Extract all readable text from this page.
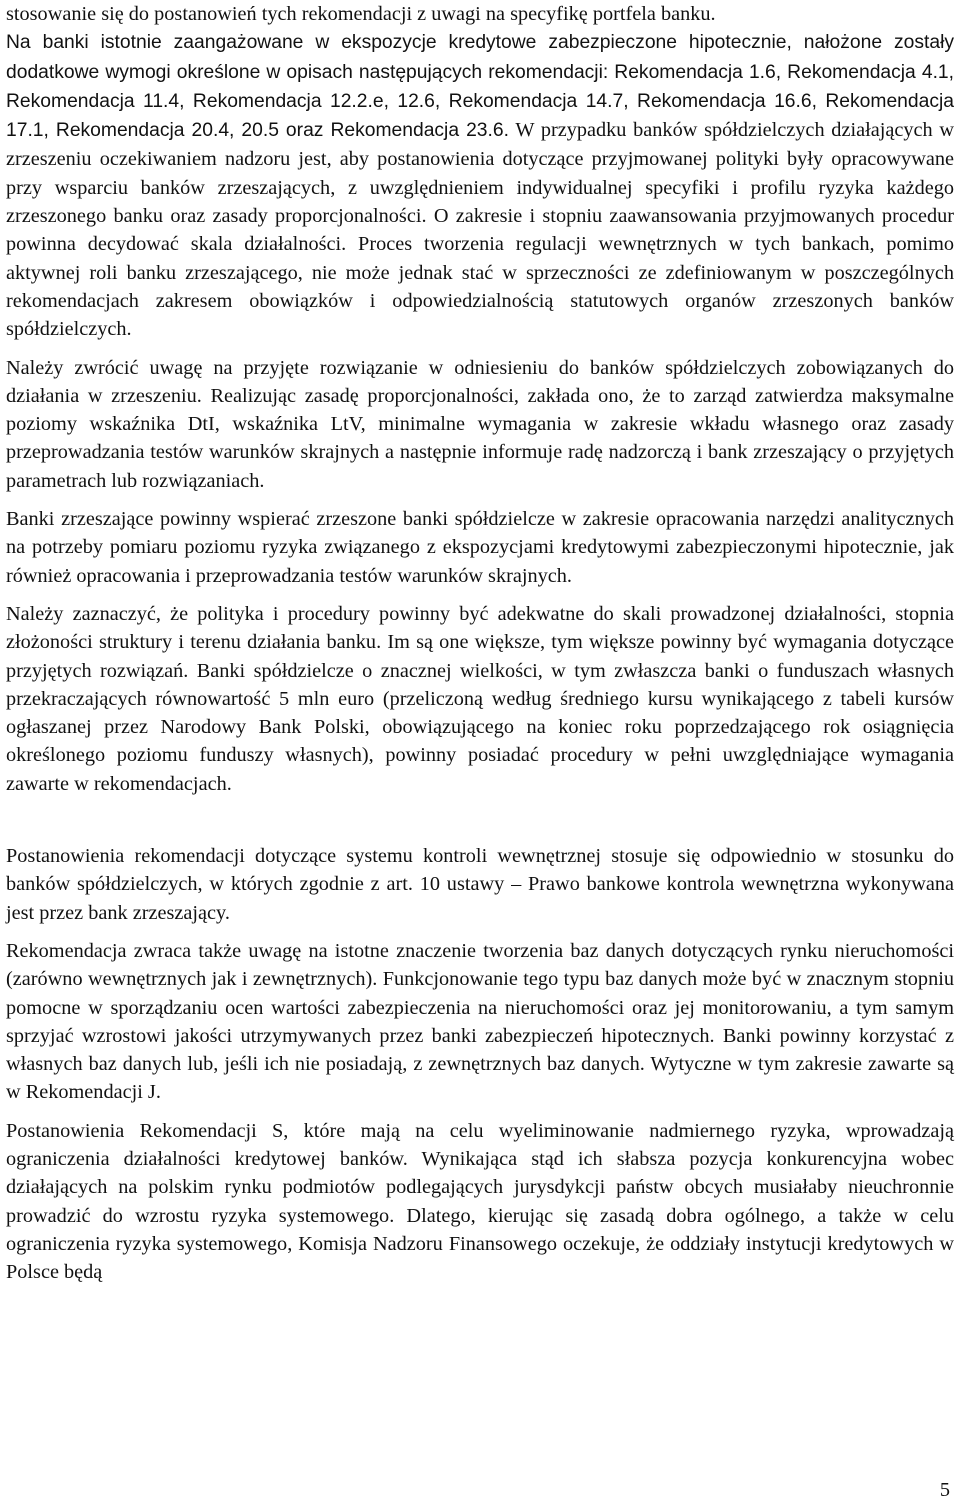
stosowanie się do postanowień tych rekomendacji z uwagi na specyfikę portfela banku.

Na banki istotnie zaangażowane w ekspozycje kredytowe zabezpieczone hipotecznie, nałożone zostały dodatkowe wymogi określone w opisach następujących rekomendacji: Rekomendacja 1.6, Rekomendacja 4.1, Rekomendacja 11.4, Rekomendacja 12.2.e, 12.6, Rekomendacja 14.7, Rekomendacja 16.6, Rekomendacja 17.1, Rekomendacja 20.4, 20.5 oraz Rekomendacja 23.6. W przypadku banków spółdzielczych działających w zrzeszeniu oczekiwaniem nadzoru jest, aby postanowienia dotyczące przyjmowanej polityki były opracowywane przy wsparciu banków zrzeszających, z uwzględnieniem indywidualnej specyfiki i profilu ryzyka każdego zrzeszonego banku oraz zasady proporcjonalności. O zakresie i stopniu zaawansowania przyjmowanych procedur powinna decydować skala działalności. Proces tworzenia regulacji wewnętrznych w tych bankach, pomimo aktywnej roli banku zrzeszającego, nie może jednak stać w sprzeczności ze zdefiniowanym w poszczególnych rekomendacjach zakresem obowiązków i odpowiedzialnością statutowych organów zrzeszonych banków spółdzielczych.

Należy zwrócić uwagę na przyjęte rozwiązanie w odniesieniu do banków spółdzielczych zobowiązanych do działania w zrzeszeniu. Realizując zasadę proporcjonalności, zakłada ono, że to zarząd zatwierdza maksymalne poziomy wskaźnika DtI, wskaźnika LtV, minimalne wymagania w zakresie wkładu własnego oraz zasady przeprowadzania testów warunków skrajnych a następnie informuje radę nadzorczą i bank zrzeszający o przyjętych parametrach lub rozwiązaniach.

Banki zrzeszające powinny wspierać zrzeszone banki spółdzielcze w zakresie opracowania narzędzi analitycznych na potrzeby pomiaru poziomu ryzyka związanego z ekspozycjami kredytowymi zabezpieczonymi hipotecznie, jak również opracowania i przeprowadzania testów warunków skrajnych.

Należy zaznaczyć, że polityka i procedury powinny być adekwatne do skali prowadzonej działalności, stopnia złożoności struktury i terenu działania banku. Im są one większe, tym większe powinny być wymagania dotyczące przyjętych rozwiązań. Banki spółdzielcze o znacznej wielkości, w tym zwłaszcza banki o funduszach własnych przekraczających równowartość 5 mln euro (przeliczoną według średniego kursu wynikającego z tabeli kursów ogłaszanej przez Narodowy Bank Polski, obowiązującego na koniec roku poprzedzającego rok osiągnięcia określonego poziomu funduszy własnych), powinny posiadać procedury w pełni uwzględniające wymagania zawarte w rekomendacjach.

Postanowienia rekomendacji dotyczące systemu kontroli wewnętrznej stosuje się odpowiednio w stosunku do banków spółdzielczych, w których zgodnie z art. 10 ustawy – Prawo bankowe kontrola wewnętrzna wykonywana jest przez bank zrzeszający.

Rekomendacja zwraca także uwagę na istotne znaczenie tworzenia baz danych dotyczących rynku nieruchomości (zarówno wewnętrznych jak i zewnętrznych). Funkcjonowanie tego typu baz danych może być w znacznym stopniu pomocne w sporządzaniu ocen wartości zabezpieczenia na nieruchomości oraz jej monitorowaniu, a tym samym sprzyjać wzrostowi jakości utrzymywanych przez banki zabezpieczeń hipotecznych. Banki powinny korzystać z własnych baz danych lub, jeśli ich nie posiadają, z zewnętrznych baz danych. Wytyczne w tym zakresie zawarte są w Rekomendacji J.

Postanowienia Rekomendacji S, które mają na celu wyeliminowanie nadmiernego ryzyka, wprowadzają ograniczenia działalności kredytowej banków. Wynikająca stąd ich słabsza pozycja konkurencyjna wobec działających na polskim rynku podmiotów podlegających jurysdykcji państw obcych musiałaby nieuchronnie prowadzić do wzrostu ryzyka systemowego. Dlatego, kierując się zasadą dobra ogólnego, a także w celu ograniczenia ryzyka systemowego, Komisja Nadzoru Finansowego oczekuje, że oddziały instytucji kredytowych w Polsce będą

5
